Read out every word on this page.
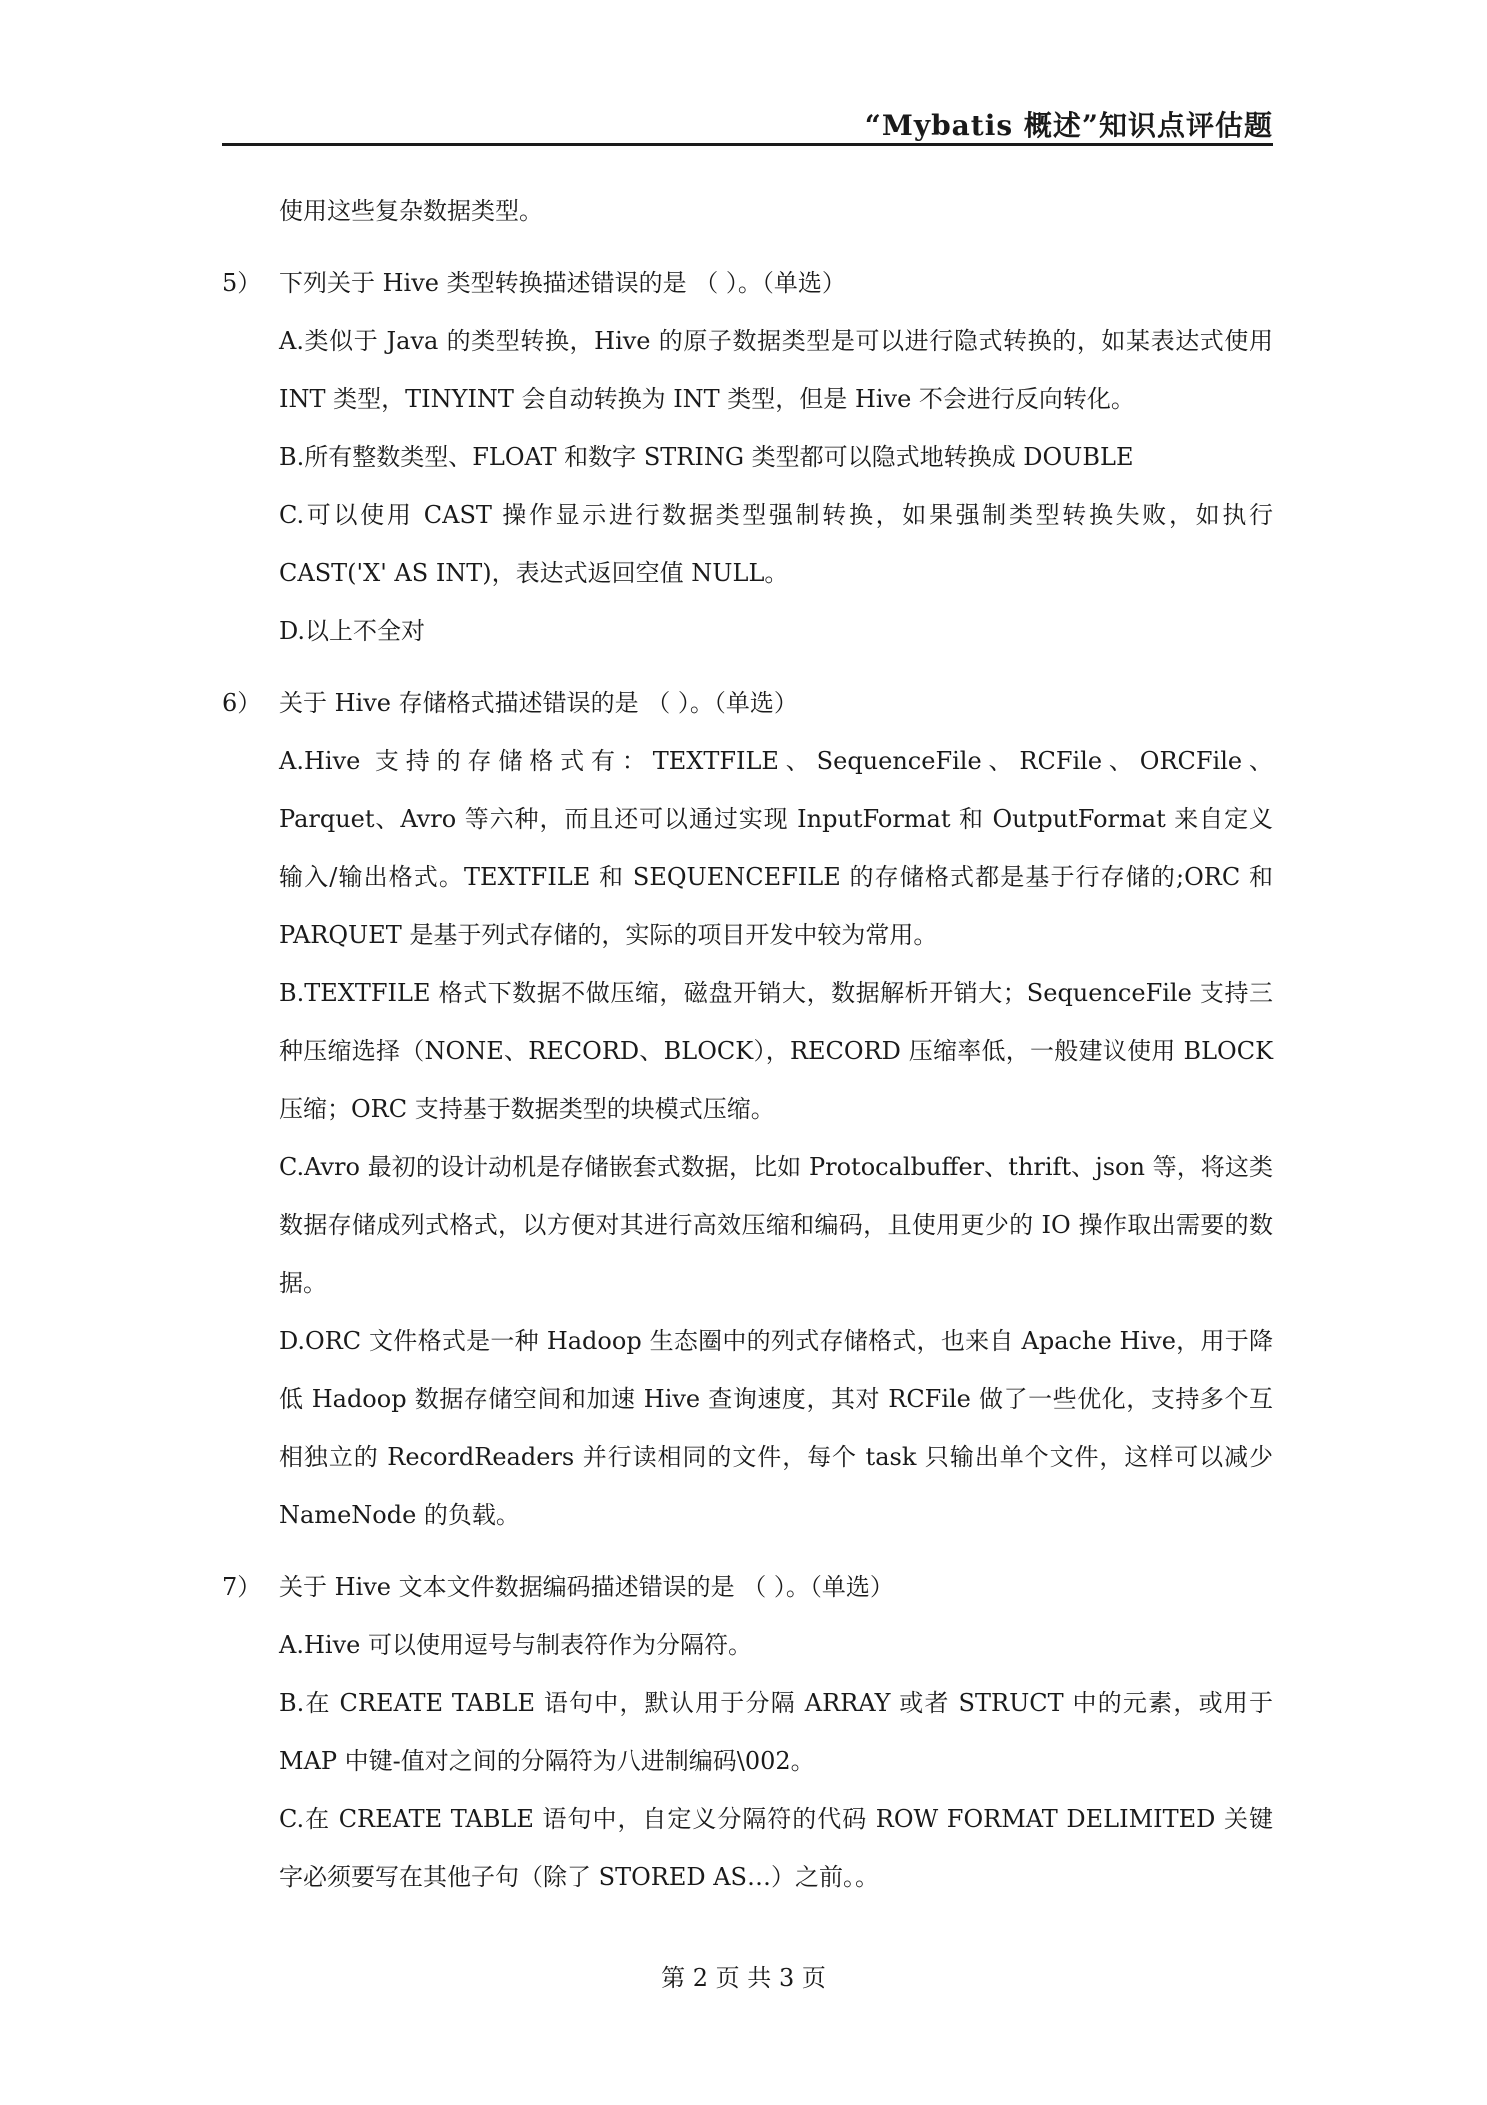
“Mybatis 概述”知识点评估题
使用这些复杂数据类型。
5） 下列关于 Hive 类型转换描述错误的是 （ ）。（单选）
A.类似于 Java 的类型转换，Hive 的原子数据类型是可以进行隐式转换的，如某表达式使用 INT 类型，TINYINT 会自动转换为 INT 类型，但是 Hive 不会进行反向转化。
B.所有整数类型、FLOAT 和数字 STRING 类型都可以隐式地转换成 DOUBLE
C.可以使用 CAST 操作显示进行数据类型强制转换，如果强制类型转换失败，如执行 CAST('X' AS INT)，表达式返回空值 NULL。
D.以上不全对
6） 关于 Hive 存储格式描述错误的是 （ ）。（单选）
A.Hive 支持的存储格式有：TEXTFILE、SequenceFile、RCFile、ORCFile、Parquet、Avro 等六种，而且还可以通过实现 InputFormat 和 OutputFormat 来自定义输入/输出格式。TEXTFILE 和 SEQUENCEFILE 的存储格式都是基于行存储的;ORC 和 PARQUET 是基于列式存储的，实际的项目开发中较为常用。
B.TEXTFILE 格式下数据不做压缩，磁盘开销大，数据解析开销大；SequenceFile 支持三种压缩选择（NONE、RECORD、BLOCK），RECORD 压缩率低，一般建议使用 BLOCK 压缩；ORC 支持基于数据类型的块模式压缩。
C.Avro 最初的设计动机是存储嵌套式数据，比如 Protocalbuffer、thrift、json 等，将这类数据存储成列式格式，以方便对其进行高效压缩和编码，且使用更少的 IO 操作取出需要的数据。
D.ORC 文件格式是一种 Hadoop 生态圈中的列式存储格式，也来自 Apache Hive，用于降低 Hadoop 数据存储空间和加速 Hive 查询速度，其对 RCFile 做了一些优化，支持多个互相独立的 RecordReaders 并行读相同的文件，每个 task 只输出单个文件，这样可以减少 NameNode 的负载。
7） 关于 Hive 文本文件数据编码描述错误的是 （ ）。（单选）
A.Hive 可以使用逗号与制表符作为分隔符。
B.在 CREATE TABLE 语句中，默认用于分隔 ARRAY 或者 STRUCT 中的元素，或用于 MAP 中键-值对之间的分隔符为八进制编码\002。
C.在 CREATE TABLE 语句中，自定义分隔符的代码 ROW FORMAT DELIMITED 关键字必须要写在其他子句（除了 STORED AS…）之前。。
第 2 页 共 3 页
